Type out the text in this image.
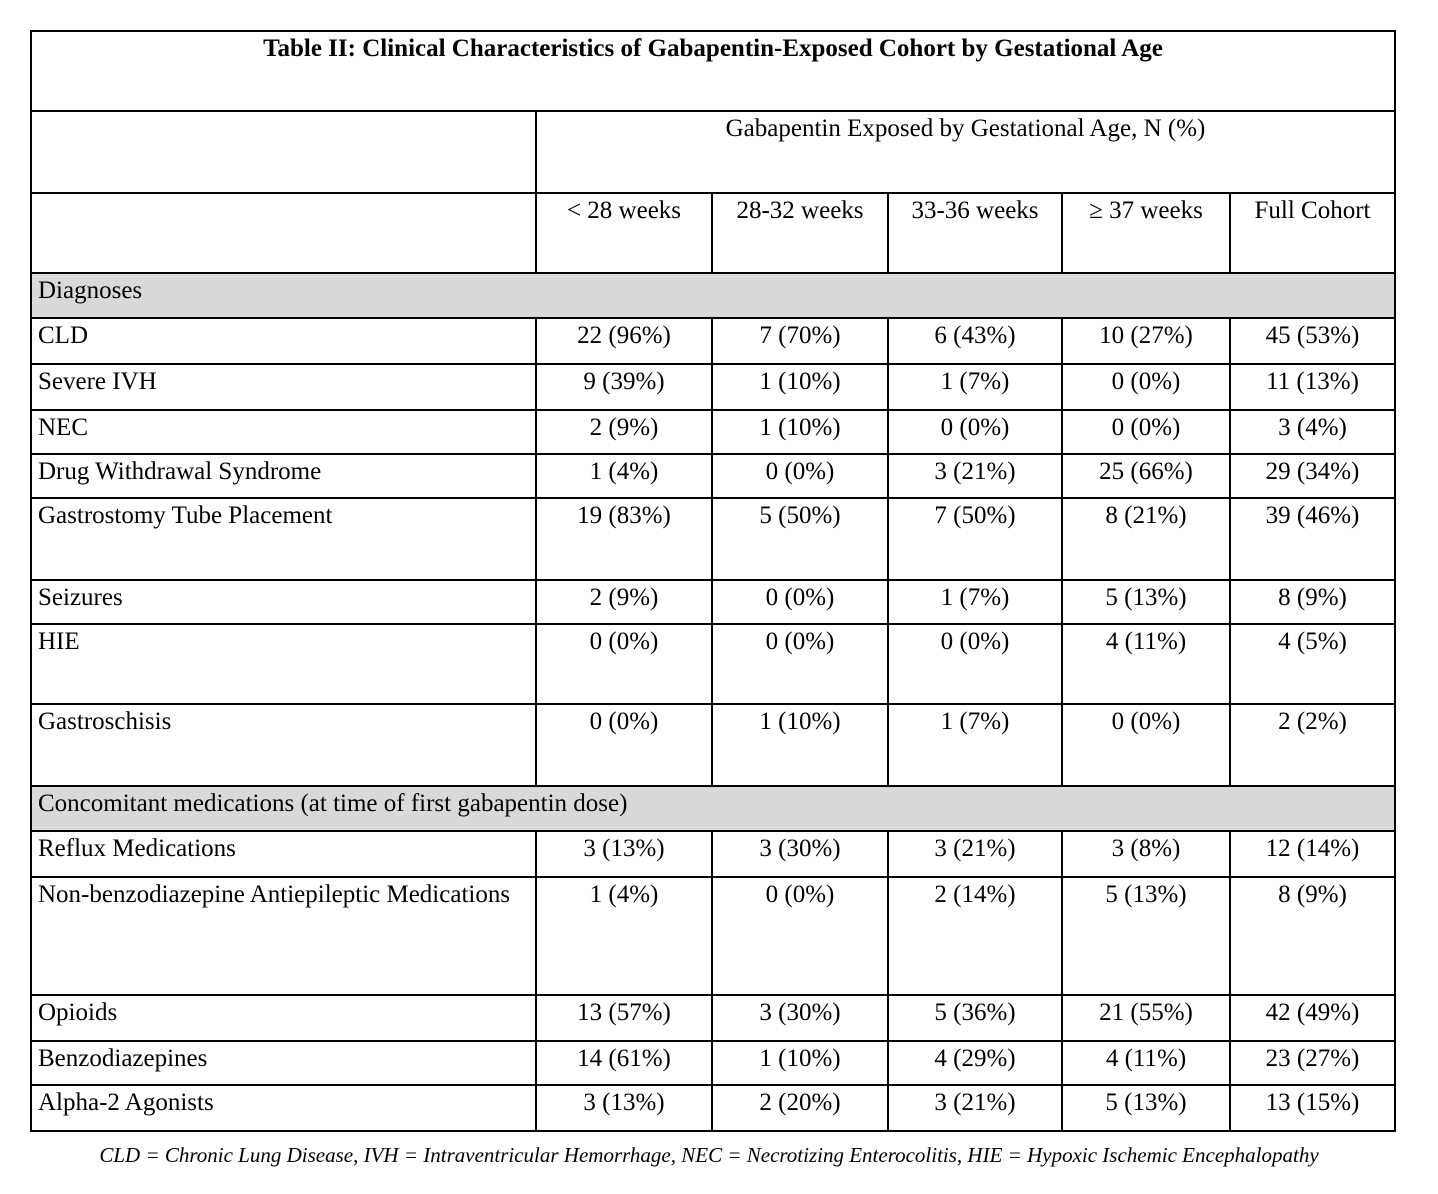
Table II: Clinical Characteristics of Gabapentin-Exposed Cohort by Gestational Age					
	Gabapentin Exposed by Gestational Age, N (%)				
	< 28 weeks	28-32 weeks	33-36 weeks	≥ 37 weeks	Full Cohort
Diagnoses					
CLD	22 (96%)	7 (70%)	6 (43%)	10 (27%)	45 (53%)
Severe IVH	9 (39%)	1 (10%)	1 (7%)	0 (0%)	11 (13%)
NEC	2 (9%)	1 (10%)	0 (0%)	0 (0%)	3 (4%)
Drug Withdrawal Syndrome	1 (4%)	0 (0%)	3 (21%)	25 (66%)	29 (34%)
Gastrostomy Tube Placement	19 (83%)	5 (50%)	7 (50%)	8 (21%)	39 (46%)
Seizures	2 (9%)	0 (0%)	1 (7%)	5 (13%)	8 (9%)
HIE	0 (0%)	0 (0%)	0 (0%)	4 (11%)	4 (5%)
Gastroschisis	0 (0%)	1 (10%)	1 (7%)	0 (0%)	2 (2%)
Concomitant medications (at time of first gabapentin dose)					
Reflux Medications	3 (13%)	3 (30%)	3 (21%)	3 (8%)	12 (14%)
Non-benzodiazepine Antiepileptic Medications	1 (4%)	0 (0%)	2 (14%)	5 (13%)	8 (9%)
Opioids	13 (57%)	3 (30%)	5 (36%)	21 (55%)	42 (49%)
Benzodiazepines	14 (61%)	1 (10%)	4 (29%)	4 (11%)	23 (27%)
Alpha-2 Agonists	3 (13%)	2 (20%)	3 (21%)	5 (13%)	13 (15%)
CLD = Chronic Lung Disease, IVH = Intraventricular Hemorrhage, NEC = Necrotizing Enterocolitis, HIE = Hypoxic Ischemic Encephalopathy
